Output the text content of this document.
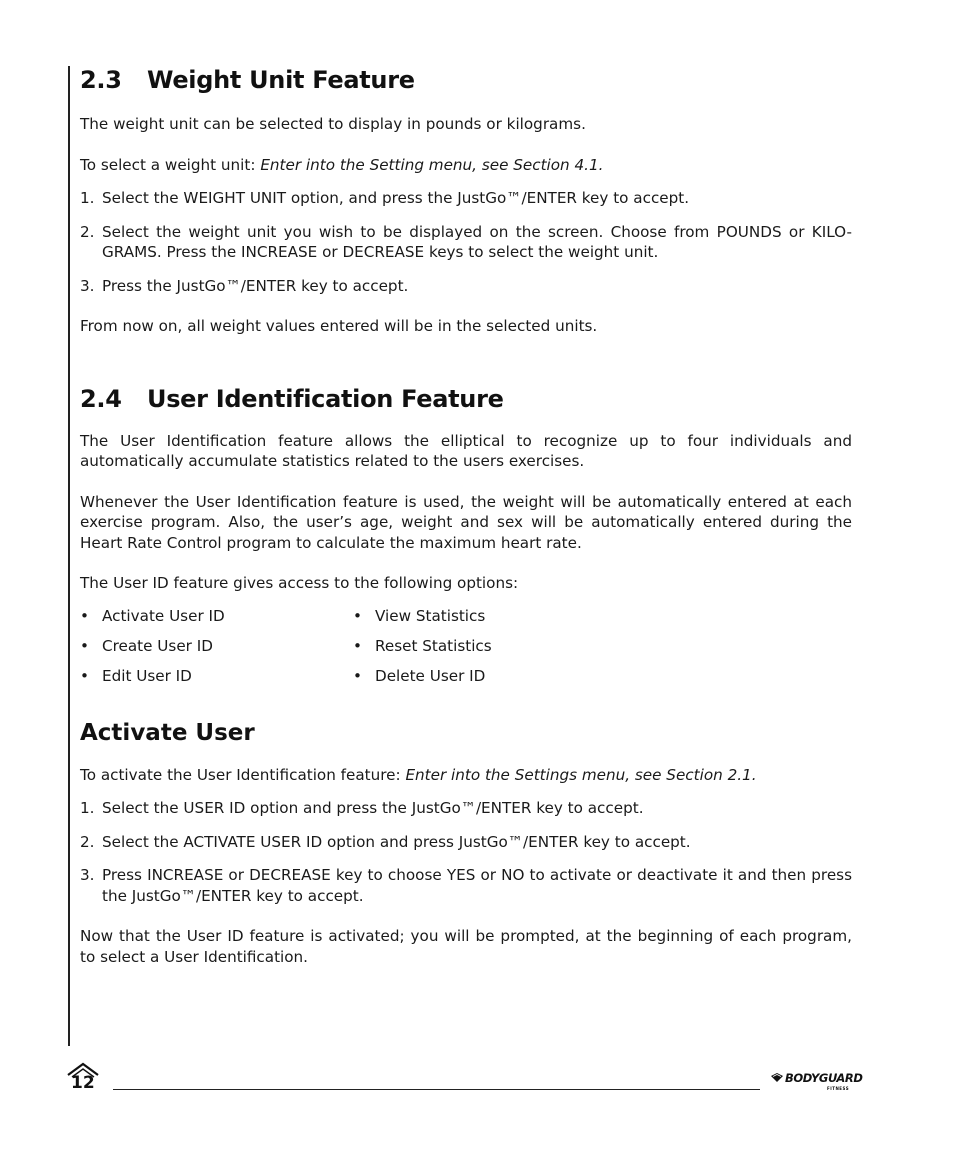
2.3 Weight Unit Feature

The weight unit can be selected to display in pounds or kilograms.

To select a weight unit: Enter into the Setting menu, see Section 4.1.

1. Select the WEIGHT UNIT option, and press the JustGo™/ENTER key to accept.
2. Select the weight unit you wish to be displayed on the screen. Choose from POUNDS or KILO-GRAMS. Press the INCREASE or DECREASE keys to select the weight unit.
3. Press the JustGo™/ENTER key to accept.

From now on, all weight values entered will be in the selected units.

2.4 User Identification Feature

The User Identification feature allows the elliptical to recognize up to four individuals and automatically accumulate statistics related to the users exercises.

Whenever the User Identification feature is used, the weight will be automatically entered at each exercise program. Also, the user’s age, weight and sex will be automatically entered during the Heart Rate Control program to calculate the maximum heart rate.

The User ID feature gives access to the following options:

• Activate User ID	• View Statistics
• Create User ID	• Reset Statistics
• Edit User ID	• Delete User ID
Activate User

To activate the User Identification feature: Enter into the Settings menu, see Section 2.1.

1. Select the USER ID option and press the JustGo™/ENTER key to accept.
2. Select the ACTIVATE USER ID option and press JustGo™/ENTER key to accept.
3. Press INCREASE or DECREASE key to choose YES or NO to activate or deactivate it and then press the JustGo™/ENTER key to accept.

Now that the User ID feature is activated; you will be prompted, at the beginning of each program, to select a User Identification.

12	BODYGUARD
FITNESS
